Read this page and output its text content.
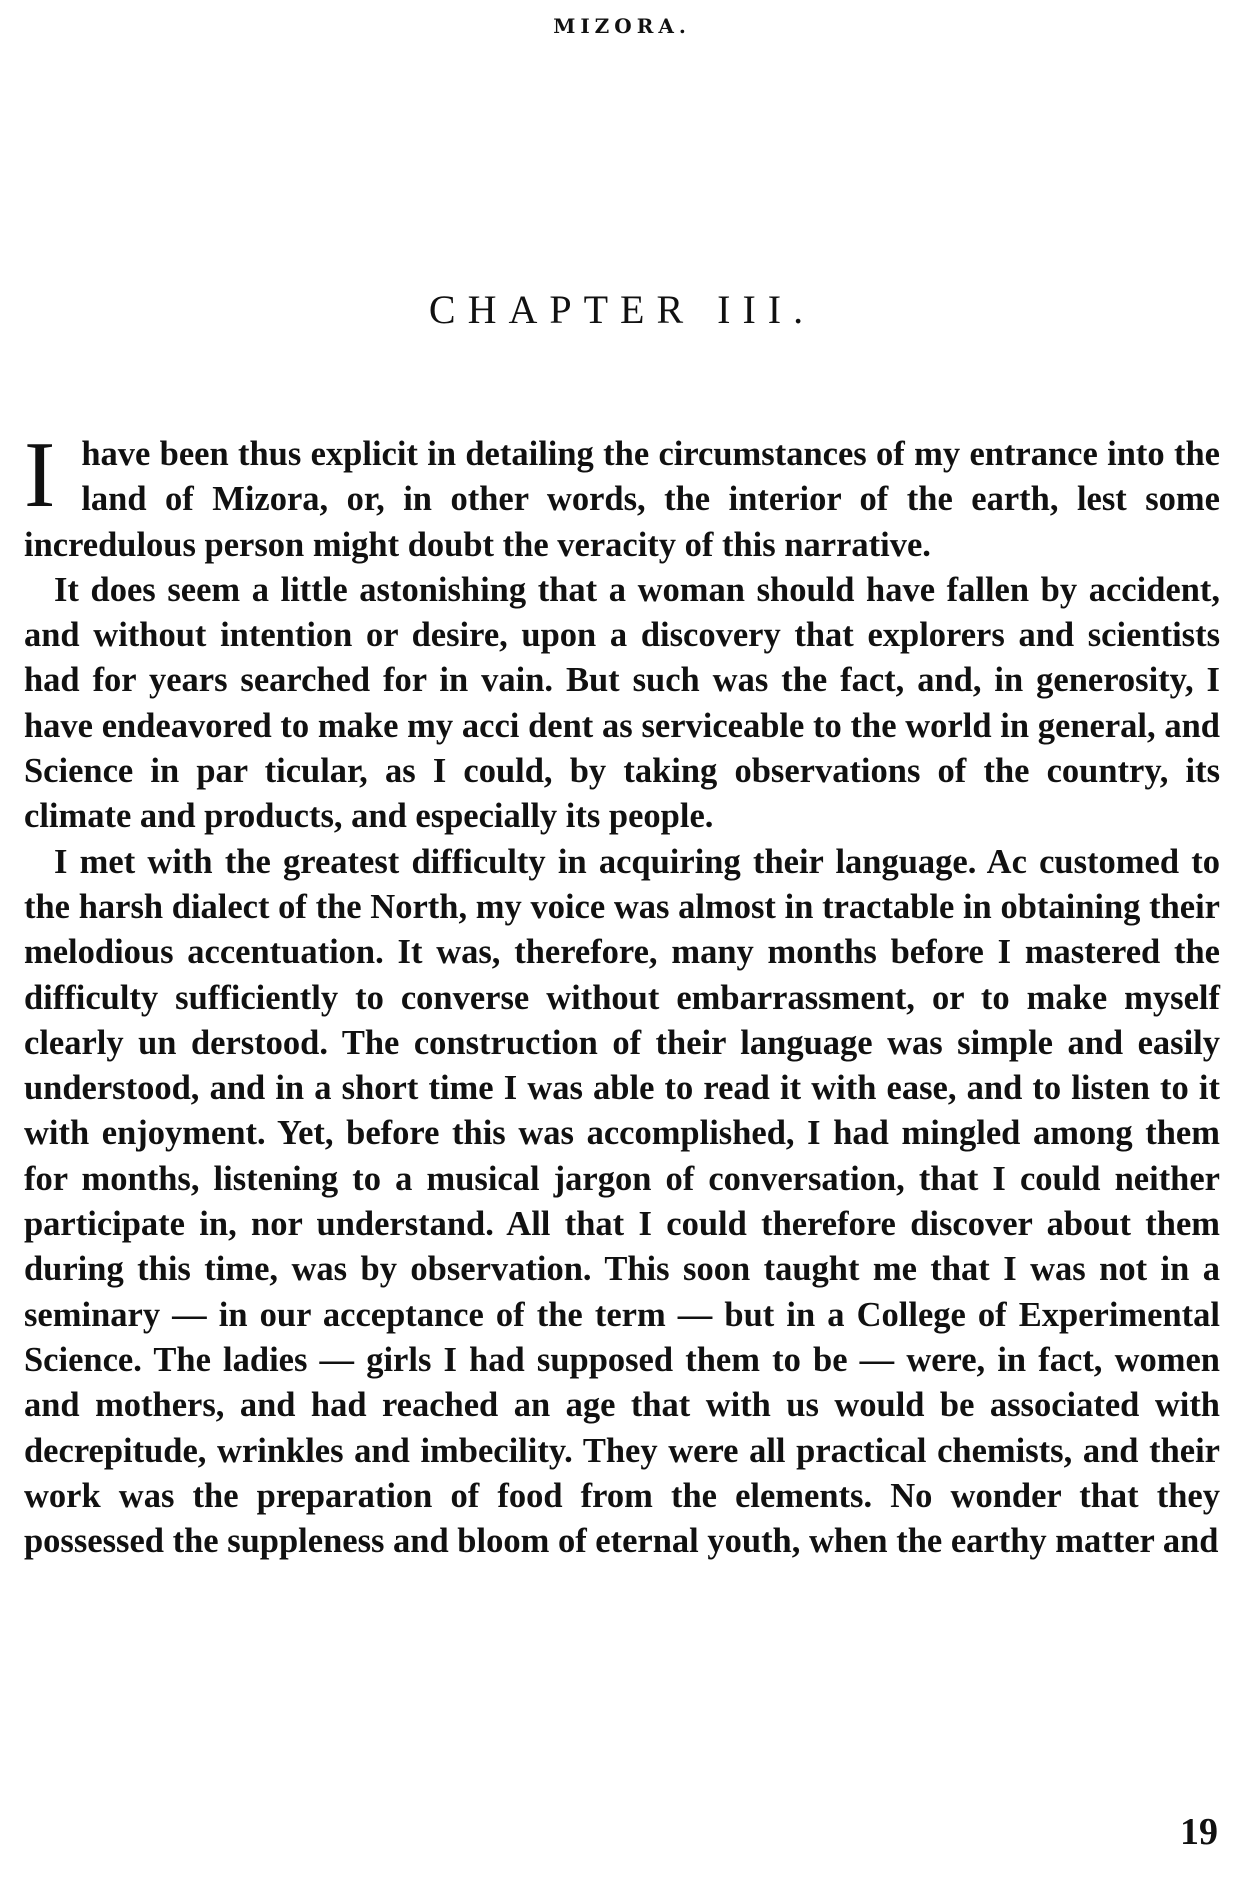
MIZORA.
CHAPTER III.

Ihave been thus explicit in detailing the circumstances of my entrance into the land of Mizora, or, in other words, the interior of the earth, lest some incredulous person might doubt the veracity of this narrative.

It does seem a little astonishing that a woman should have fallen by accident, and without intention or desire, upon a discovery that explorers and scientists had for years searched for in vain. But such was the fact, and, in generosity, I have endeavored to make my acci dent as serviceable to the world in general, and Science in par ticular, as I could, by taking observations of the country, its climate and products, and especially its people.

I met with the greatest difficulty in acquiring their language. Ac customed to the harsh dialect of the North, my voice was almost in tractable in obtaining their melodious accentuation. It was, therefore, many months before I mastered the difficulty sufficiently to converse without embarrassment, or to make myself clearly un derstood. The construction of their language was simple and easily understood, and in a short time I was able to read it with ease, and to listen to it with enjoyment. Yet, before this was accomplished, I had mingled among them for months, listening to a musical jargon of conversation, that I could neither participate in, nor understand. All that I could therefore discover about them during this time, was by observation. This soon taught me that I was not in a seminary — in our acceptance of the term — but in a College of Experimental Science. The ladies — girls I had supposed them to be — were, in fact, women and mothers, and had reached an age that with us would be associated with decrepitude, wrinkles and imbecility. They were all practical chemists, and their work was the preparation of food from the elements. No wonder that they possessed the suppleness and bloom of eternal youth, when the earthy matter and

19
